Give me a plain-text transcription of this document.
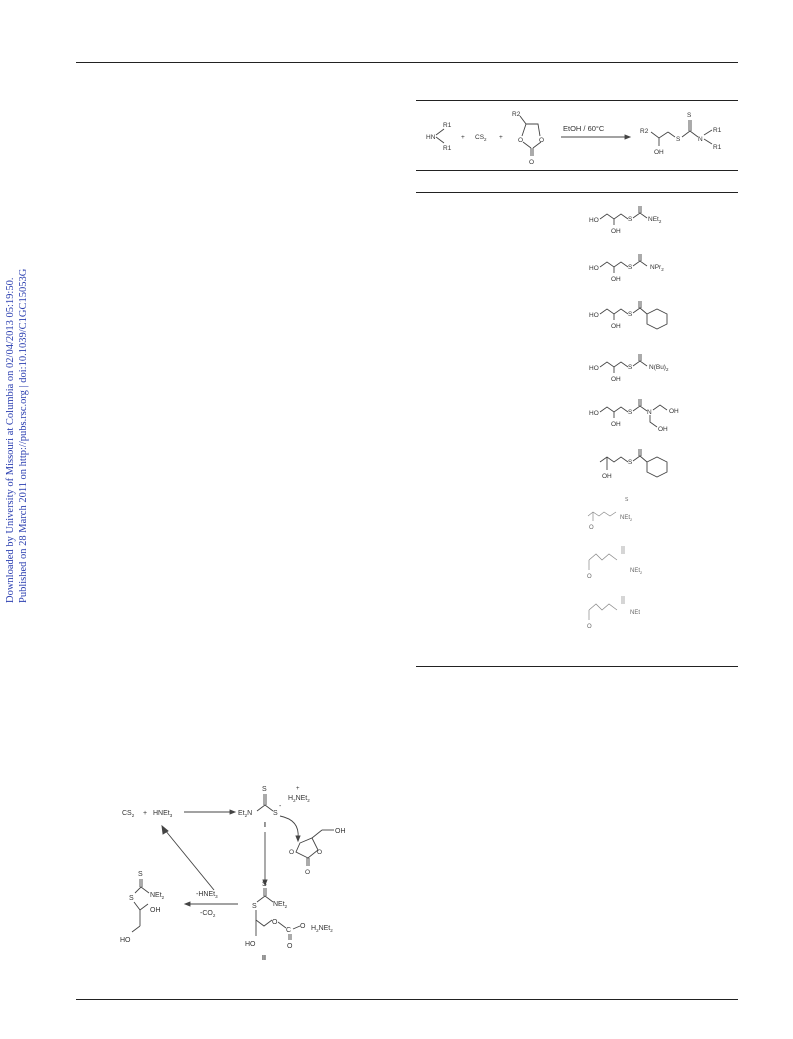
Downloaded by University of Missouri at Columbia on 02/04/2013 05:19:50. Published on 28 March 2011 on http://pubs.rsc.org | doi:10.1039/C1GC15053G
HN
R1
R1
+ $CS_2$ +
R2
O O
O
EtOH / 60°C	R2
OH
S
S
N
R1
R1
HO
OH
S NEt$_2$
HO
OH
S	NPr$_2$
HO
OH
S
HO
OH
S	$N(Bu)_2$
HO
OH
S N	OH
OH
OH
S
O
S
NEt$_2$
O
NEt$_2$
O
NEt
$CS_2$ + HNEt$_3$	$Et_2N$
S
S
-
+
$H_2NEt_2$
I
OH
O	O
O
S
NEt$_2$
S
HO
O
C
O
O $H_2NEt_2$
II
-HNEt$_3$
$-CO_2$
S
NEt$_2$
S
OH
HO
